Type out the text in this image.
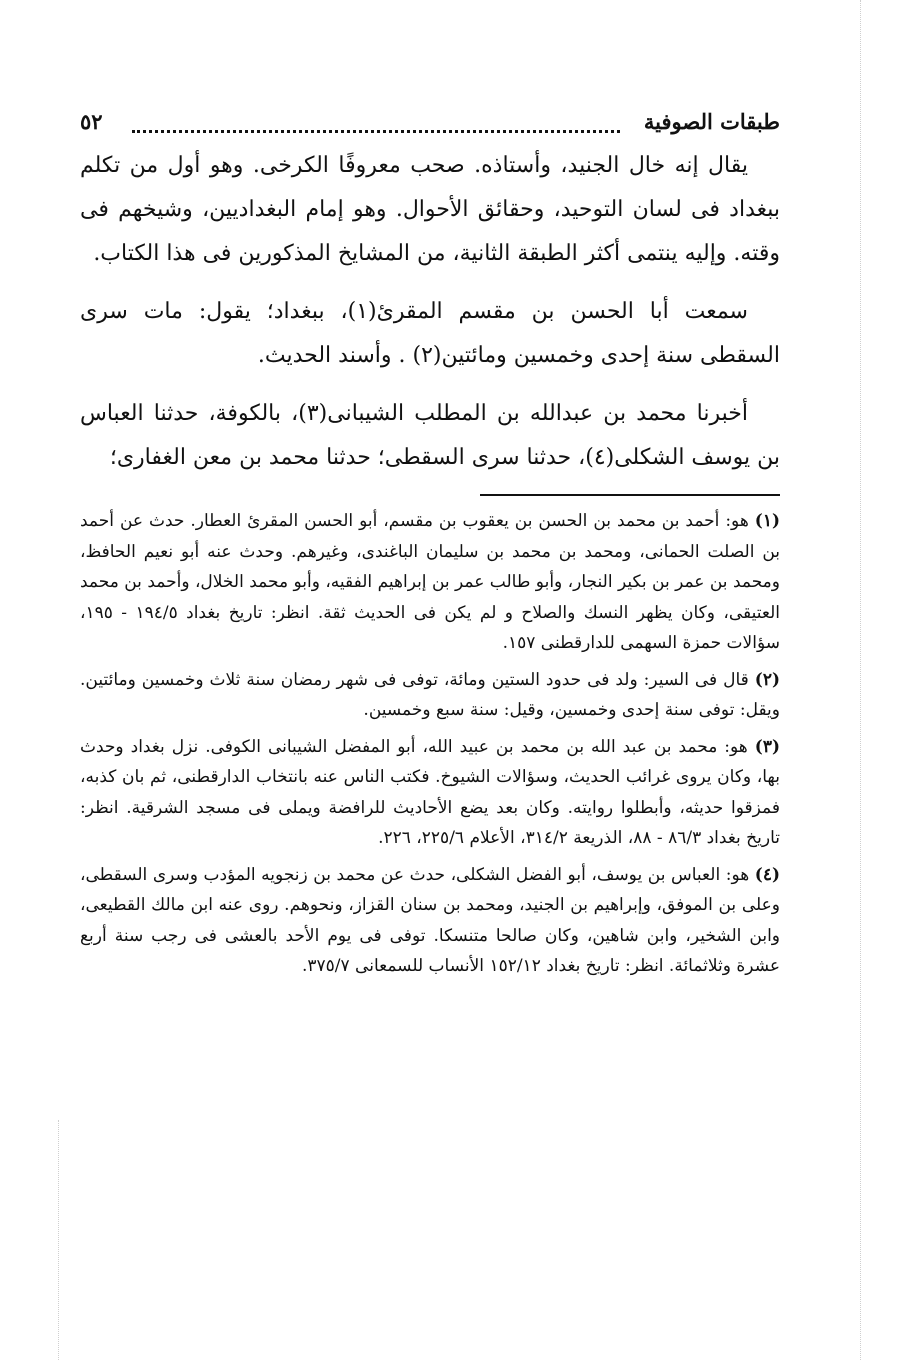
٥٢	طبقات الصوفية

يقال إنه خال الجنيد، وأستاذه. صحب معروفًا الكرخى. وهو أول من تكلم ببغداد فى لسان التوحيد، وحقائق الأحوال. وهو إمام البغداديين، وشيخهم فى وقته. وإليه ينتمى أكثر الطبقة الثانية، من المشايخ المذكورين فى هذا الكتاب.

سمعت أبا الحسن بن مقسم المقرئ(١)، ببغداد؛ يقول: مات سرى السقطى سنة إحدى وخمسين ومائتين(٢) . وأسند الحديث.

أخبرنا محمد بن عبدالله بن المطلب الشيبانى(٣)، بالكوفة، حدثنا العباس بن يوسف الشكلى(٤)، حدثنا سرى السقطى؛ حدثنا محمد بن معن الغفارى؛

(١) هو: أحمد بن محمد بن الحسن بن يعقوب بن مقسم، أبو الحسن المقرئ العطار. حدث عن أحمد بن الصلت الحمانى، ومحمد بن محمد بن سليمان الباغندى، وغيرهم. وحدث عنه أبو نعيم الحافظ، ومحمد بن عمر بن بكير النجار، وأبو طالب عمر بن إبراهيم الفقيه، وأبو محمد الخلال، وأحمد بن محمد العتيقى، وكان يظهر النسك والصلاح و لم يكن فى الحديث ثقة. انظر: تاريخ بغداد ١٩٤/٥ - ١٩٥، سؤالات حمزة السهمى للدارقطنى ١٥٧.

(٢) قال فى السير: ولد فى حدود الستين ومائة، توفى فى شهر رمضان سنة ثلاث وخمسين ومائتين. ويقل: توفى سنة إحدى وخمسين، وقيل: سنة سبع وخمسين.

(٣) هو: محمد بن عبد الله بن محمد بن عبيد الله، أبو المفضل الشيبانى الكوفى. نزل بغداد وحدث بها، وكان يروى غرائب الحديث، وسؤالات الشيوخ. فكتب الناس عنه بانتخاب الدارقطنى، ثم بان كذبه، فمزقوا حديثه، وأبطلوا روايته. وكان بعد يضع الأحاديث للرافضة ويملى فى مسجد الشرقية. انظر: تاريخ بغداد ٨٦/٣ - ٨٨، الذريعة ٣١٤/٢، الأعلام ٢٢٥/٦، ٢٢٦.

(٤) هو: العباس بن يوسف، أبو الفضل الشكلى، حدث عن محمد بن زنجويه المؤدب وسرى السقطى، وعلى بن الموفق، وإبراهيم بن الجنيد، ومحمد بن سنان القزاز، ونحوهم. روى عنه ابن مالك القطيعى، وابن الشخير، وابن شاهين، وكان صالحا متنسكا. توفى فى يوم الأحد بالعشى فى رجب سنة أربع عشرة وثلاثمائة. انظر: تاريخ بغداد ١٥٢/١٢ الأنساب للسمعانى ٣٧٥/٧.
